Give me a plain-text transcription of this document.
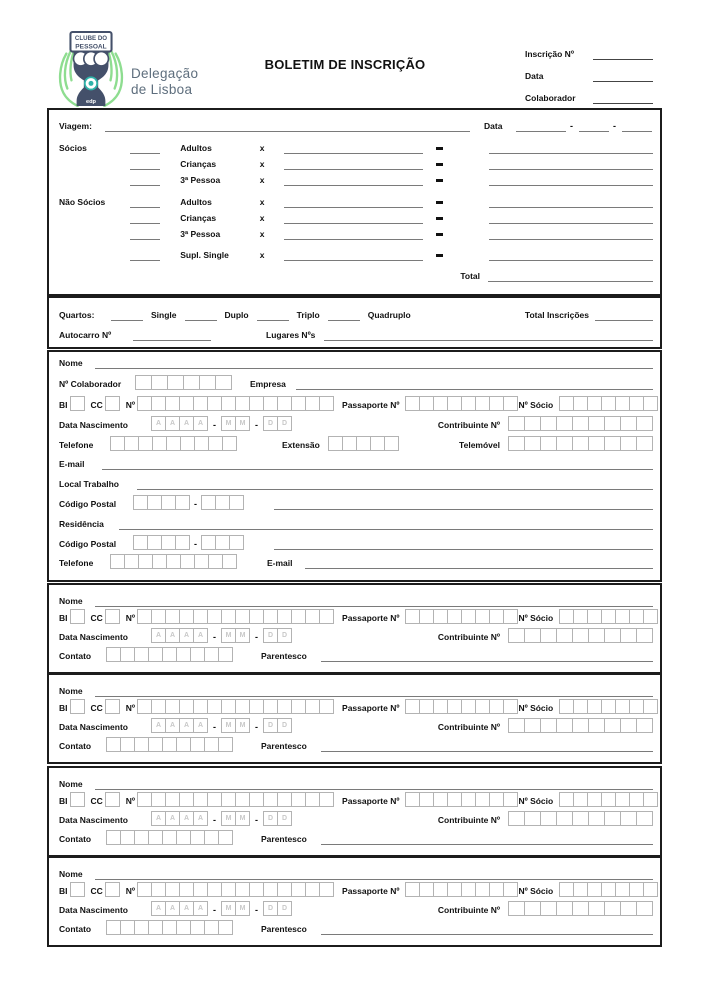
CLUBE DO
PESSOAL
edp
Delegação
de Lisboa
BOLETIM DE INSCRIÇÃO
Inscrição Nº
Data
Colaborador
Viagem:	Data	-	-
Sócios	Adultos	x
Crianças	x
3ª Pessoa	x
Não Sócios	Adultos	x
Crianças	x
3ª Pessoa	x
Supl. Single	x
Total
Quartos:	Single	Duplo	Triplo	Quadruplo	Total Inscrições
Autocarro Nº	Lugares Nºs
Nome
Nº Colaborador	Empresa
BI	CC	Nº	Passaporte Nº	Nº Sócio
Data Nascimento	A	A	A	A	-	M	M	-	D	D	Contribuinte Nº
Telefone	Extensão	Telemóvel
E-mail
Local Trabalho
Código Postal	-
Residência
Código Postal	-
Telefone	E-mail
Nome
BI	CC	Nº	Passaporte Nº	Nº Sócio
Data Nascimento	A	A	A	A	-	M	M	-	D	D	Contribuinte Nº
Contato	Parentesco
Nome
BI	CC	Nº	Passaporte Nº	Nº Sócio
Data Nascimento	A	A	A	A	-	M	M	-	D	D	Contribuinte Nº
Contato	Parentesco
Nome
BI	CC	Nº	Passaporte Nº	Nº Sócio
Data Nascimento	A	A	A	A	-	M	M	-	D	D	Contribuinte Nº
Contato	Parentesco
Nome
BI	CC	Nº	Passaporte Nº	Nº Sócio
Data Nascimento	A	A	A	A	-	M	M	-	D	D	Contribuinte Nº
Contato	Parentesco
